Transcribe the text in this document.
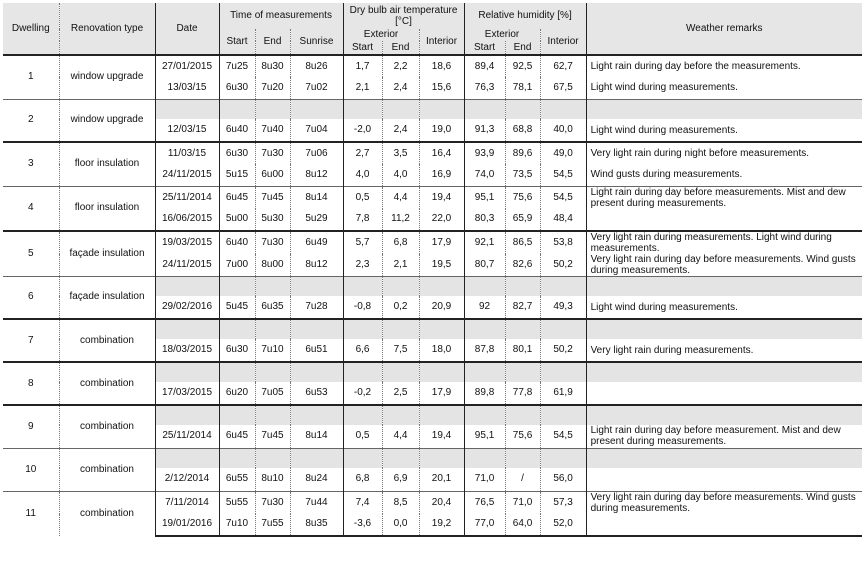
Dwelling	Renovation type	Date	Time of measurements			Dry bulb air temperature [°C]			Relative humidity [%]			Weather remarks
			Start	End	Sunrise	Exterior		Interior	Exterior		Interior	
						Start	End		Start	End		
1	window upgrade	27/01/2015	7u25	8u30	8u26	1,7	2,2	18,6	89,4	92,5	62,7	Light rain during day before the measurements.
		13/03/15	6u30	7u20	7u02	2,1	2,4	15,6	76,3	78,1	67,5	Light wind during measurements.
2	window upgrade											
		12/03/15	6u40	7u40	7u04	-2,0	2,4	19,0	91,3	68,8	40,0	Light wind during measurements.
3	floor insulation	11/03/15	6u30	7u30	7u06	2,7	3,5	16,4	93,9	89,6	49,0	Very light rain during night before measurements.
		24/11/2015	5u15	6u00	8u12	4,0	4,0	16,9	74,0	73,5	54,5	Wind gusts during measurements.
4	floor insulation	25/11/2014	6u45	7u45	8u14	0,5	4,4	19,4	95,1	75,6	54,5	Light rain during day before measurements. Mist and dew present during measurements.
		16/06/2015	5u00	5u30	5u29	7,8	11,2	22,0	80,3	65,9	48,4	
5	façade insulation	19/03/2015	6u40	7u30	6u49	5,7	6,8	17,9	92,1	86,5	53,8	Very light rain during measurements. Light wind during measurements.
		24/11/2015	7u00	8u00	8u12	2,3	2,1	19,5	80,7	82,6	50,2	Very light rain during day before measurements. Wind gusts during measurements.
6	façade insulation											
		29/02/2016	5u45	6u35	7u28	-0,8	0,2	20,9	92	82,7	49,3	Light wind during measurements.
7	combination											
		18/03/2015	6u30	7u10	6u51	6,6	7,5	18,0	87,8	80,1	50,2	Very light rain during measurements.
8	combination											
		17/03/2015	6u20	7u05	6u53	-0,2	2,5	17,9	89,8	77,8	61,9	
9	combination											
		25/11/2014	6u45	7u45	8u14	0,5	4,4	19,4	95,1	75,6	54,5	Light rain during day before measurement. Mist and dew present during measurements.
10	combination											
		2/12/2014	6u55	8u10	8u24	6,8	6,9	20,1	71,0	/	56,0	
11	combination	7/11/2014	5u55	7u30	7u44	7,4	8,5	20,4	76,5	71,0	57,3	Very light rain during day before measurements. Wind gusts during measurements.
		19/01/2016	7u10	7u55	8u35	-3,6	0,0	19,2	77,0	64,0	52,0	
